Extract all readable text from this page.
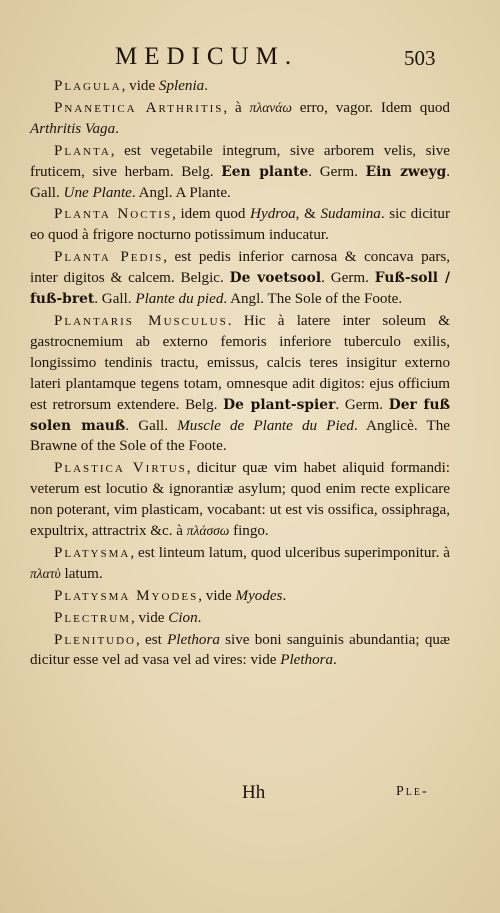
MEDICUM.	503

Plagula, vide Splenia.

Pnanetica Arthritis, à πλανάω erro, vagor. Idem quod Arthritis Vaga.

Planta, est vegetabile integrum, sive arborem velis, sive fruticem, sive herbam. Belg. Een plante. Germ. Ein zweyg. Gall. Une Plante. Angl. A Plante.

Planta Noctis, idem quod Hydroa, & Sudamina. sic dicitur eo quod à frigore nocturno potissimum inducatur.

Planta Pedis, est pedis inferior carnosa & concava pars, inter digitos & calcem. Belgic. De voetsool. Germ. Fuß-soll / fuß-bret. Gall. Plante du pied. Angl. The Sole of the Foote.

Plantaris Musculus. Hic à latere inter soleum & gastrocnemium ab externo femoris inferiore tuberculo exilis, longissimo tendinis tractu, emissus, calcis teres insigitur externo lateri plantamque tegens totam, omnesque adit digitos: ejus officium est retrorsum extendere. Belg. De plant-spier. Germ. Der fuß solen mauß. Gall. Muscle de Plante du Pied. Anglicè. The Brawne of the Sole of the Foote.

Plastica Virtus, dicitur quæ vim habet aliquid formandi: veterum est locutio & ignorantiæ asylum; quod enim recte explicare non poterant, vim plasticam, vocabant: ut est vis ossifica, ossiphraga, expultrix, attractrix &c. à πλάσσω fingo.

Platysma, est linteum latum, quod ulceribus superimponitur. à πλατὺ latum.

Platysma Myodes, vide Myodes.

Plectrum, vide Cion.

Plenitudo, est Plethora sive boni sanguinis abundantia; quæ dicitur esse vel ad vasa vel ad vires: vide Plethora.

Hh	Ple-
